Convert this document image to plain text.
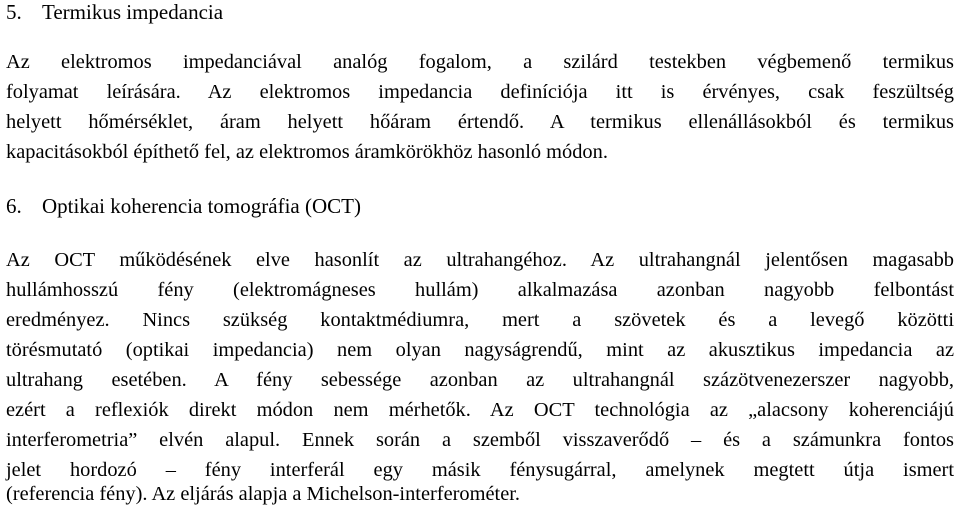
5. Termikus impedancia
Az elektromos impedanciával analóg fogalom, a szilárd testekben végbemenő termikus
folyamat leírására. Az elektromos impedancia definíciója itt is érvényes, csak feszültség
helyett hőmérséklet, áram helyett hőáram értendő. A termikus ellenállásokból és termikus
kapacitásokból építhető fel, az elektromos áramkörökhöz hasonló módon.
6. Optikai koherencia tomográfia (OCT)
Az OCT működésének elve hasonlít az ultrahangéhoz. Az ultrahangnál jelentősen magasabb
hullámhosszú fény (elektromágneses hullám) alkalmazása azonban nagyobb felbontást
eredményez. Nincs szükség kontaktmédiumra, mert a szövetek és a levegő közötti
törésmutató (optikai impedancia) nem olyan nagyságrendű, mint az akusztikus impedancia az
ultrahang esetében. A fény sebessége azonban az ultrahangnál százötvenezerszer nagyobb,
ezért a reflexiók direkt módon nem mérhetők. Az OCT technológia az „alacsony koherenciájú
interferometria” elvén alapul. Ennek során a szemből visszaverődő – és a számunkra fontos
jelet hordozó – fény interferál egy másik fénysugárral, amelynek megtett útja ismert
(referencia fény). Az eljárás alapja a Michelson-interferométer.
